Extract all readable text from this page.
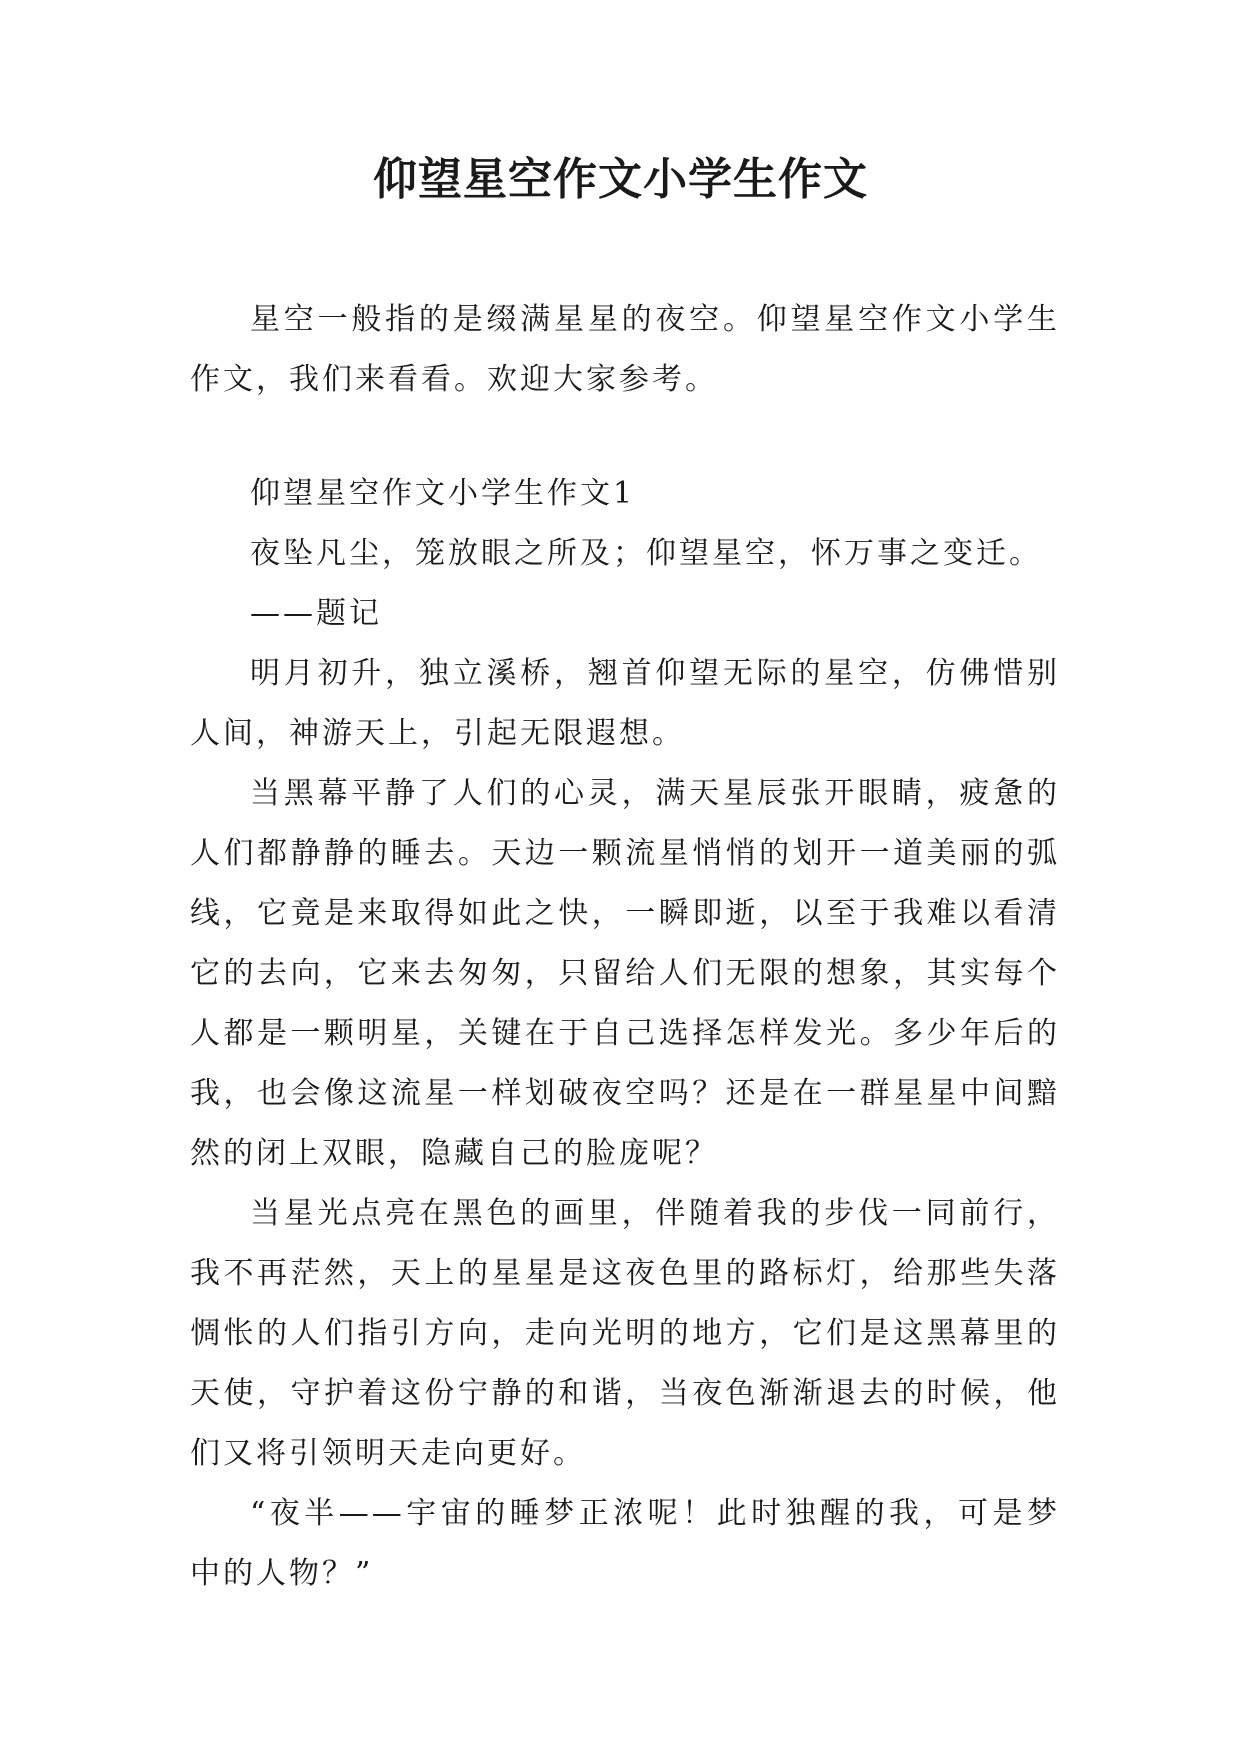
仰望星空作文小学生作文

星空一般指的是缀满星星的夜空。仰望星空作文小学生作文，我们来看看。欢迎大家参考。

仰望星空作文小学生作文1

夜坠凡尘，笼放眼之所及；仰望星空，怀万事之变迁。

——题记

明月初升，独立溪桥，翘首仰望无际的星空，仿佛惜别人间，神游天上，引起无限遐想。

当黑幕平静了人们的心灵，满天星辰张开眼睛，疲惫的人们都静静的睡去。天边一颗流星悄悄的划开一道美丽的弧线，它竟是来取得如此之快，一瞬即逝，以至于我难以看清它的去向，它来去匆匆，只留给人们无限的想象，其实每个人都是一颗明星，关键在于自己选择怎样发光。多少年后的我，也会像这流星一样划破夜空吗？还是在一群星星中间黯然的闭上双眼，隐藏自己的脸庞呢？

当星光点亮在黑色的画里，伴随着我的步伐一同前行，我不再茫然，天上的星星是这夜色里的路标灯，给那些失落惆怅的人们指引方向，走向光明的地方，它们是这黑幕里的天使，守护着这份宁静的和谐，当夜色渐渐退去的时候，他们又将引领明天走向更好。

“夜半——宇宙的睡梦正浓呢！此时独醒的我，可是梦中的人物？”
